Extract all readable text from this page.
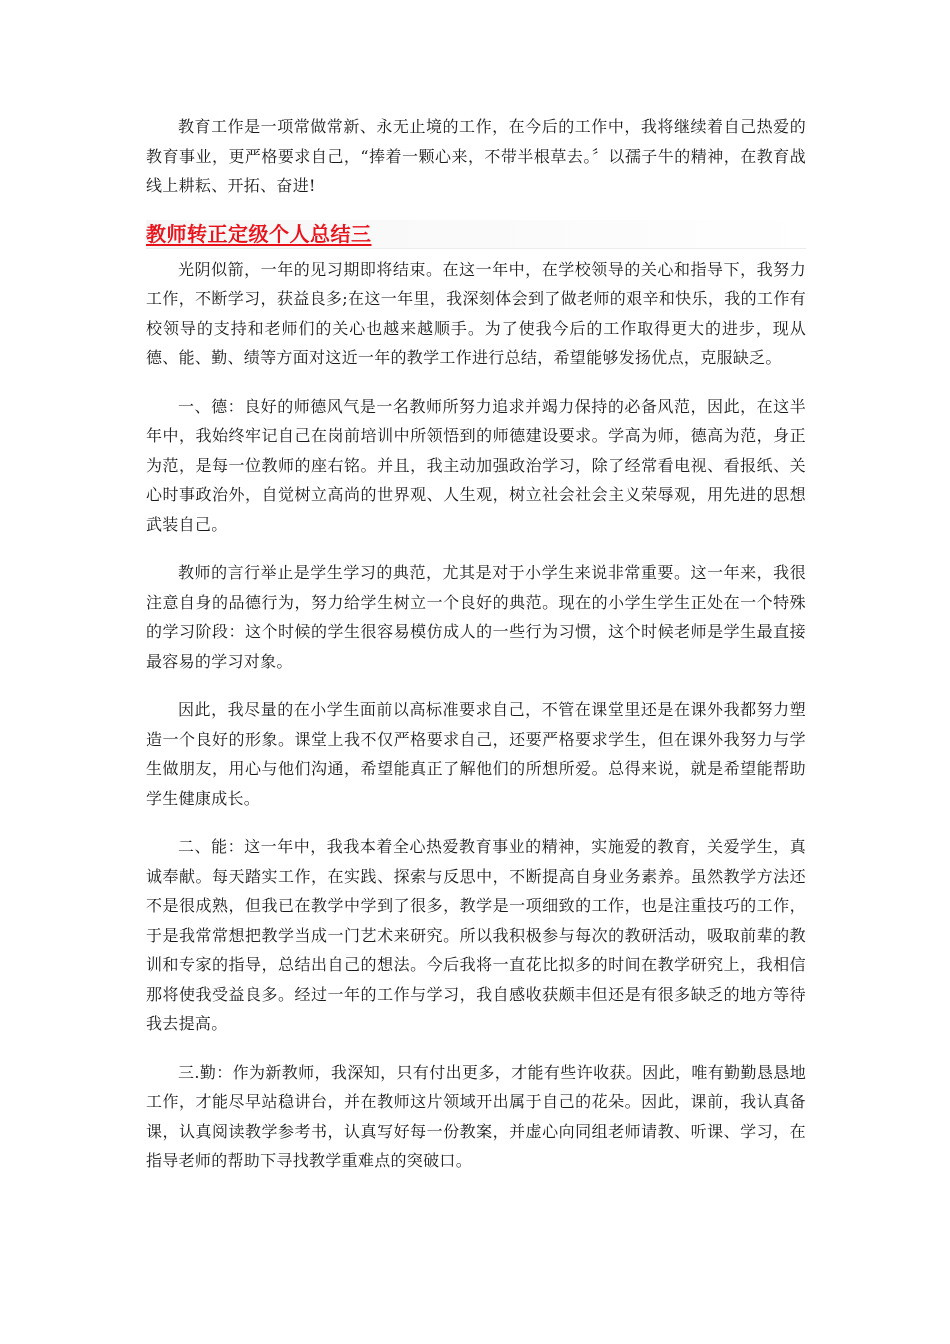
教育工作是一项常做常新、永无止境的工作，在今后的工作中，我将继续着自己热爱的教育事业，更严格要求自己，“捧着一颗心来，不带半根草去。〞以孺子牛的精神，在教育战线上耕耘、开拓、奋进!

教师转正定级个人总结三

光阴似箭，一年的见习期即将结束。在这一年中，在学校领导的关心和指导下，我努力工作，不断学习，获益良多;在这一年里，我深刻体会到了做老师的艰辛和快乐，我的工作有校领导的支持和老师们的关心也越来越顺手。为了使我今后的工作取得更大的进步，现从德、能、勤、绩等方面对这近一年的教学工作进行总结，希望能够发扬优点，克服缺乏。

一、德：良好的师德风气是一名教师所努力追求并竭力保持的必备风范，因此，在这半年中，我始终牢记自己在岗前培训中所领悟到的师德建设要求。学高为师，德高为范，身正为范，是每一位教师的座右铭。并且，我主动加强政治学习，除了经常看电视、看报纸、关心时事政治外，自觉树立高尚的世界观、人生观，树立社会社会主义荣辱观，用先进的思想武装自己。

教师的言行举止是学生学习的典范，尤其是对于小学生来说非常重要。这一年来，我很注意自身的品德行为，努力给学生树立一个良好的典范。现在的小学生学生正处在一个特殊的学习阶段：这个时候的学生很容易模仿成人的一些行为习惯，这个时候老师是学生最直接最容易的学习对象。

因此，我尽量的在小学生面前以高标准要求自己，不管在课堂里还是在课外我都努力塑造一个良好的形象。课堂上我不仅严格要求自己，还要严格要求学生，但在课外我努力与学生做朋友，用心与他们沟通，希望能真正了解他们的所想所爱。总得来说，就是希望能帮助学生健康成长。

二、能：这一年中，我我本着全心热爱教育事业的精神，实施爱的教育，关爱学生，真诚奉献。每天踏实工作，在实践、探索与反思中，不断提高自身业务素养。虽然教学方法还不是很成熟，但我已在教学中学到了很多，教学是一项细致的工作，也是注重技巧的工作，于是我常常想把教学当成一门艺术来研究。所以我积极参与每次的教研活动，吸取前辈的教训和专家的指导，总结出自己的想法。今后我将一直花比拟多的时间在教学研究上，我相信那将使我受益良多。经过一年的工作与学习，我自感收获颇丰但还是有很多缺乏的地方等待我去提高。

三.勤：作为新教师，我深知，只有付出更多，才能有些许收获。因此，唯有勤勤恳恳地工作，才能尽早站稳讲台，并在教师这片领域开出属于自己的花朵。因此，课前，我认真备课，认真阅读教学参考书，认真写好每一份教案，并虚心向同组老师请教、听课、学习，在指导老师的帮助下寻找教学重难点的突破口。
